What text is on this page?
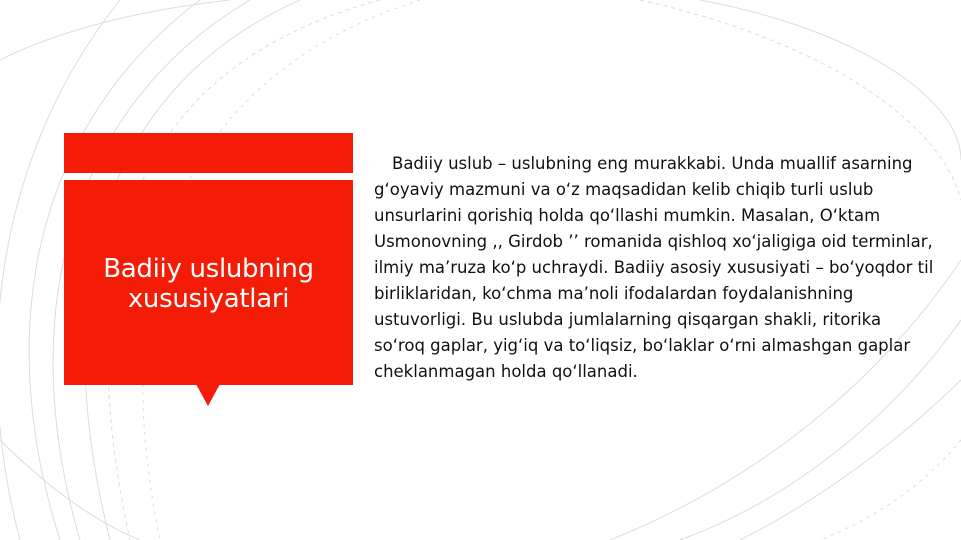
Badiiy uslubning xususiyatlari

Badiiy uslub – uslubning eng murakkabi. Unda muallif asarning g‘oyaviy mazmuni va o‘z maqsadidan kelib chiqib turli uslub unsurlarini qorishiq holda qo‘llashi mumkin. Masalan, O‘ktam Usmonovning ,, Girdob ’’ romanida qishloq xo‘jaligiga oid terminlar, ilmiy ma’ruza ko‘p uchraydi. Badiiy asosiy xususiyati – bo‘yoqdor til birliklaridan, ko‘chma ma’noli ifodalardan foydalanishning ustuvorligi. Bu uslubda jumlalarning qisqargan shakli, ritorika so‘roq gaplar, yig‘iq va to‘liqsiz, bo‘laklar o‘rni almashgan gaplar cheklanmagan holda qo‘llanadi.
